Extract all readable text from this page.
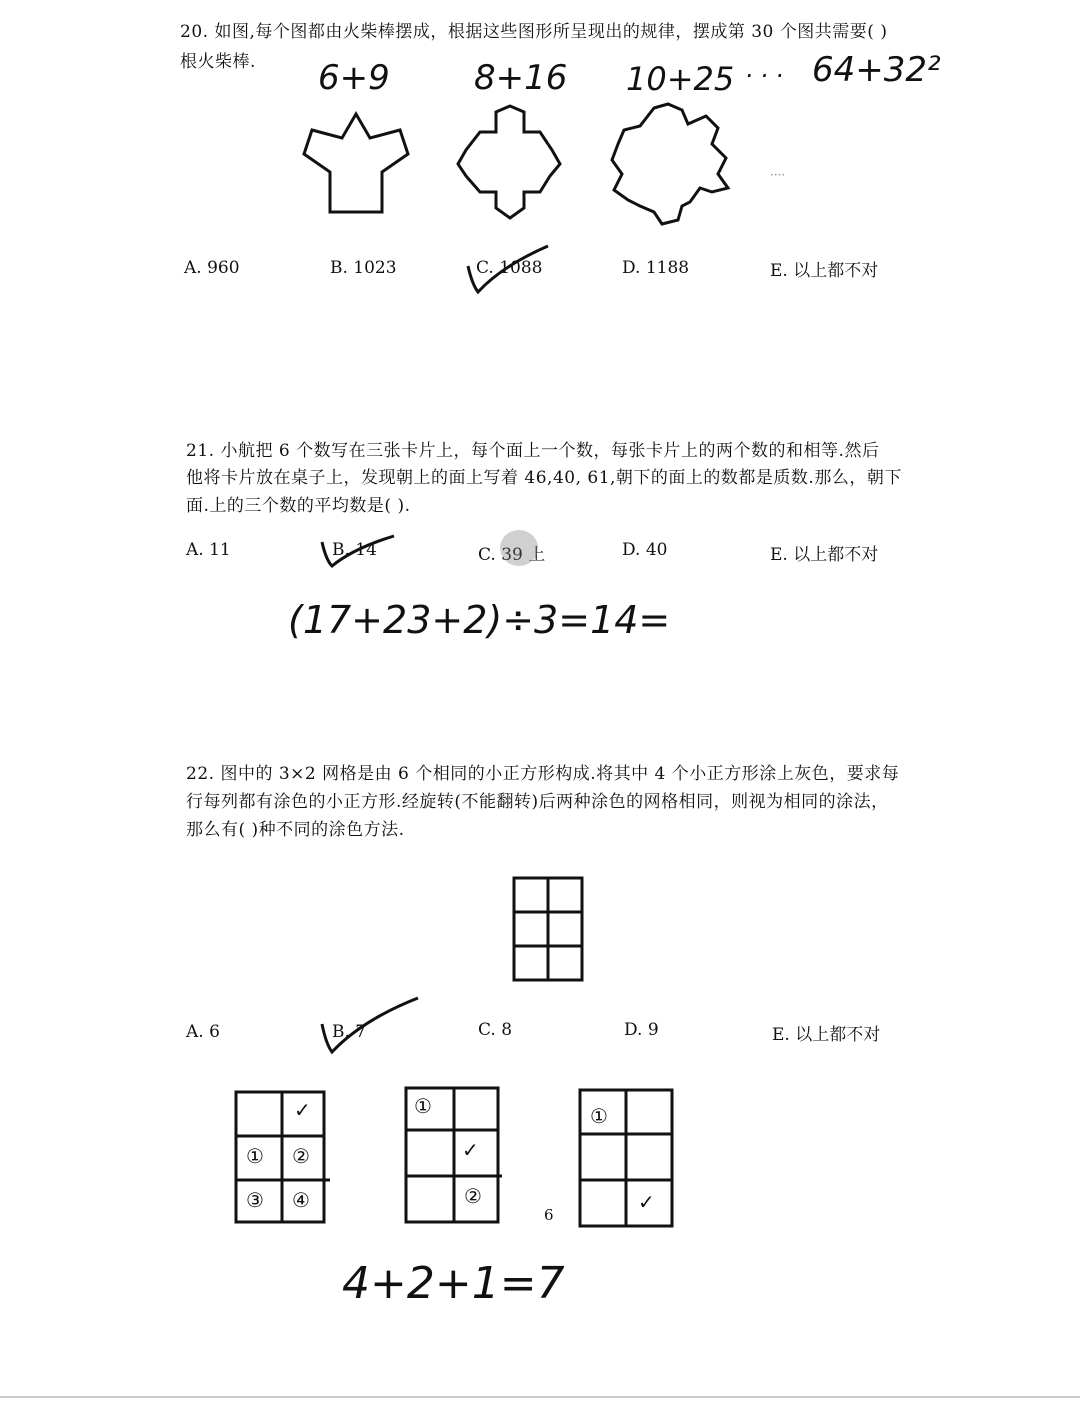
20. 如图,每个图都由火柴棒摆成，根据这些图形所呈现出的规律，摆成第 30 个图共需要( )
根火柴棒. 6+9 8+16 10+25 · · · 64+32²
····
A. 960	B. 1023	C. 1088	D. 1188	E. 以上都不对
21. 小航把 6 个数写在三张卡片上，每个面上一个数，每张卡片上的两个数的和相等.然后
他将卡片放在桌子上，发现朝上的面上写着 46,40, 61,朝下的面上的数都是质数.那么，朝下
面.上的三个数的平均数是( ).
A. 11	B. 14	C. 39 上	D. 40	E. 以上都不对
(17+23+2)÷3=14=
22. 图中的 3×2 网格是由 6 个相同的小正方形构成.将其中 4 个小正方形涂上灰色，要求每
行每列都有涂色的小正方形.经旋转(不能翻转)后两种涂色的网格相同，则视为相同的涂法，
那么有( )种不同的涂色方法.
A. 6	B. 7	C. 8	D. 9	E. 以上都不对
✓
① ②
③ ④
①
✓
②
6
①
✓
4+2+1=7
